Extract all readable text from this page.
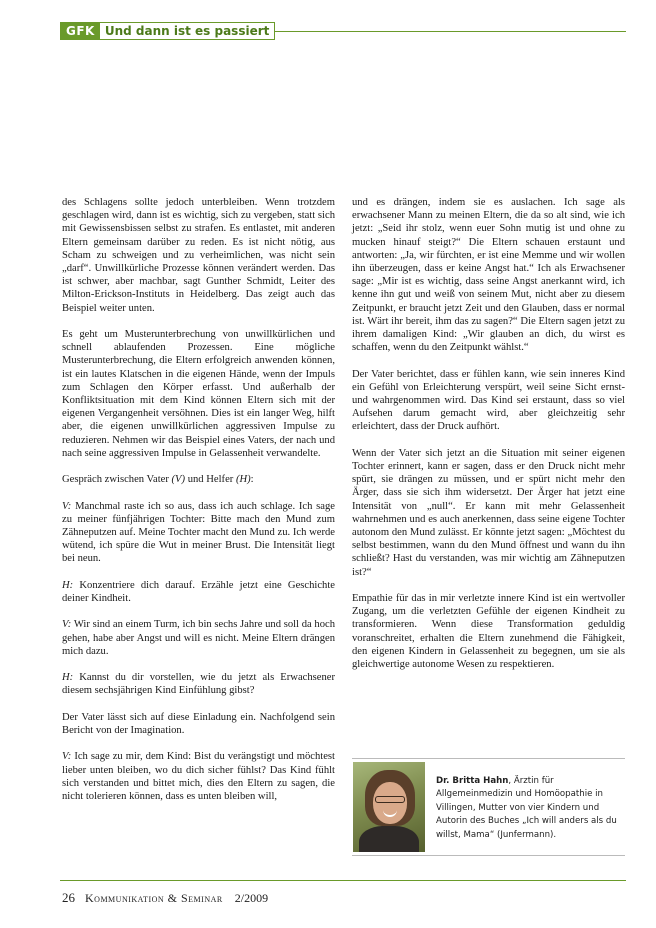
GFK Und dann ist es passiert

des Schlagens sollte jedoch unterbleiben. Wenn trotzdem geschlagen wird, dann ist es wichtig, sich zu vergeben, statt sich mit Gewissensbissen selbst zu strafen. Es entlastet, mit anderen Eltern gemeinsam darüber zu reden. Es ist nicht nötig, aus Scham zu schweigen und zu verheimlichen, was nicht sein „darf“. Unwillkürliche Prozesse können verändert werden. Das ist schwer, aber machbar, sagt Gunther Schmidt, Leiter des Milton-Erickson-Instituts in Heidelberg. Das zeigt auch das Beispiel weiter unten.

Es geht um Musterunterbrechung von unwillkürlichen und schnell ablaufenden Prozessen. Eine mögliche Musterunterbrechung, die Eltern erfolgreich anwenden können, ist ein lautes Klatschen in die eigenen Hände, wenn der Impuls zum Schlagen den Körper erfasst. Und außerhalb der Konfliktsituation mit dem Kind können Eltern sich mit der eigenen Vergangenheit versöhnen. Dies ist ein langer Weg, hilft aber, die eigenen unwillkürlichen aggressiven Impulse zu reduzieren. Nehmen wir das Beispiel eines Vaters, der nach und nach seine aggressiven Impulse in Gelassenheit verwandelte.

Gespräch zwischen Vater (V) und Helfer (H):

V: Manchmal raste ich so aus, dass ich auch schlage. Ich sage zu meiner fünfjährigen Tochter: Bitte mach den Mund zum Zähneputzen auf. Meine Tochter macht den Mund zu. Ich werde wütend, ich spüre die Wut in meiner Brust. Die Intensität liegt bei neun.

H: Konzentriere dich darauf. Erzähle jetzt eine Geschichte deiner Kindheit.

V: Wir sind an einem Turm, ich bin sechs Jahre und soll da hoch gehen, habe aber Angst und will es nicht. Meine Eltern drängen mich dazu.

H: Kannst du dir vorstellen, wie du jetzt als Erwachsener diesem sechsjährigen Kind Einfühlung gibst?

Der Vater lässt sich auf diese Einladung ein. Nachfolgend sein Bericht von der Imagination.

V: Ich sage zu mir, dem Kind: Bist du verängstigt und möchtest lieber unten bleiben, wo du dich sicher fühlst? Das Kind fühlt sich verstanden und bittet mich, dies den Eltern zu sagen, die nicht tolerieren können, dass es unten bleiben will,

und es drängen, indem sie es auslachen. Ich sage als erwachsener Mann zu meinen Eltern, die da so alt sind, wie ich jetzt: „Seid ihr stolz, wenn euer Sohn mutig ist und ohne zu mucken hinauf steigt?“ Die Eltern schauen erstaunt und antworten: „Ja, wir fürchten, er ist eine Memme und wir wollen ihn überzeugen, dass er keine Angst hat.“ Ich als Erwachsener sage: „Mir ist es wichtig, dass seine Angst anerkannt wird, ich kenne ihn gut und weiß von seinem Mut, nicht aber zu diesem Zeitpunkt, er braucht jetzt Zeit und den Glauben, dass er normal ist. Wärt ihr bereit, ihm das zu sagen?“ Die Eltern sagen jetzt zu ihrem damaligen Kind: „Wir glauben an dich, du wirst es schaffen, wenn du den Zeitpunkt wählst.“

Der Vater berichtet, dass er fühlen kann, wie sein inneres Kind ein Gefühl von Erleichterung verspürt, weil seine Sicht ernst- und wahrgenommen wird. Das Kind sei erstaunt, dass so viel Aufsehen darum gemacht wird, aber gleichzeitig sehr erleichtert, dass der Druck aufhört.

Wenn der Vater sich jetzt an die Situation mit seiner eigenen Tochter erinnert, kann er sagen, dass er den Druck nicht mehr spürt, sie drängen zu müssen, und er spürt nicht mehr den Ärger, dass sie sich ihm widersetzt. Der Ärger hat jetzt eine Intensität von „null“. Er kann mit mehr Gelassenheit wahrnehmen und es auch anerkennen, dass seine eigene Tochter autonom den Mund zulässt. Er könnte jetzt sagen: „Möchtest du selbst bestimmen, wann du den Mund öffnest und wann du ihn schließt? Hast du verstanden, was mir wichtig am Zähneputzen ist?“

Empathie für das in mir verletzte innere Kind ist ein wertvoller Zugang, um die verletzten Gefühle der eigenen Kindheit zu transformieren. Wenn diese Transformation geduldig voranschreitet, erhalten die Eltern zunehmend die Fähigkeit, den eigenen Kindern in Gelassenheit zu begegnen, um sie als gleichwertige autonome Wesen zu respektieren.

Dr. Britta Hahn, Ärztin für Allgemeinmedizin und Homöopathie in Villingen, Mutter von vier Kindern und Autorin des Buches „Ich will anders als du willst, Mama“ (Junfermann).
26 Kommunikation & Seminar 2/2009
